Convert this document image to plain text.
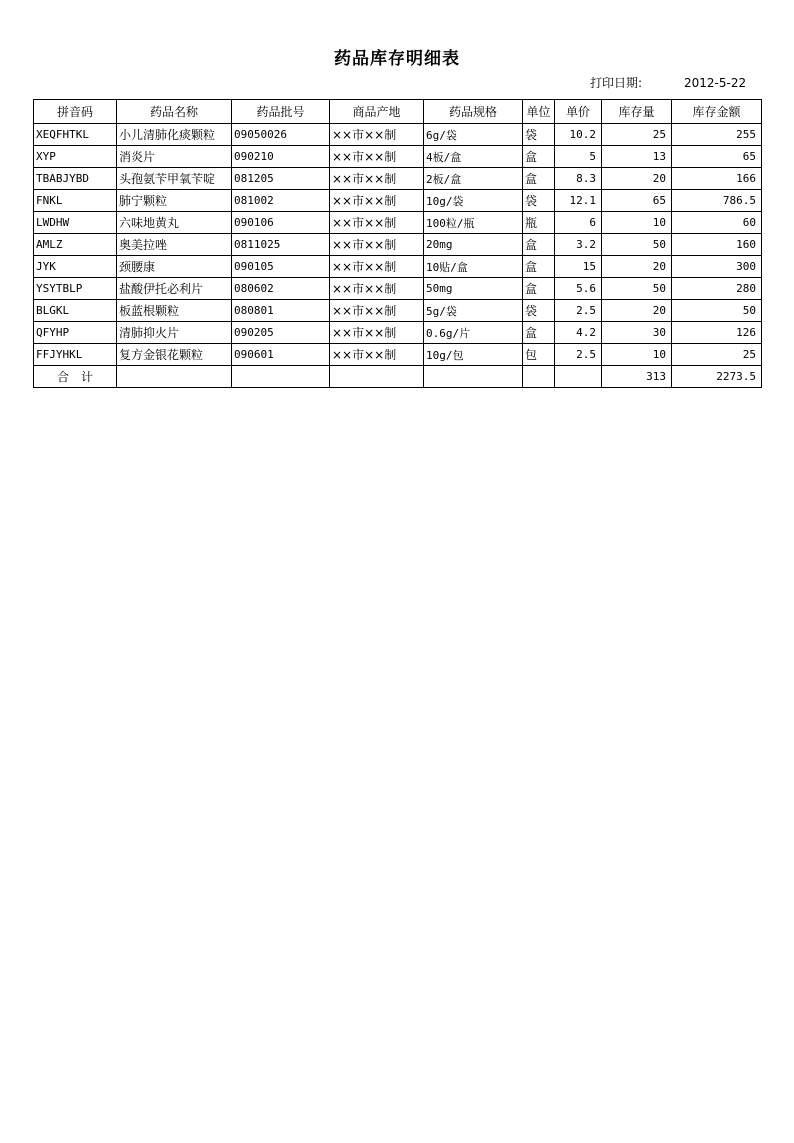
药品库存明细表
打印日期:	2012-5-22
拼音码	药品名称	药品批号	商品产地	药品规格	单位	单价	库存量	库存金额
XEQFHTKL	小儿清肺化痰颗粒	09050026	××市××制	6g/袋	袋	10.2	25	255
XYP	消炎片	090210	××市××制	4板/盒	盒	5	13	65
TBABJYBD	头孢氨苄甲氧苄啶	081205	××市××制	2板/盒	盒	8.3	20	166
FNKL	肺宁颗粒	081002	××市××制	10g/袋	袋	12.1	65	786.5
LWDHW	六味地黄丸	090106	××市××制	100粒/瓶	瓶	6	10	60
AMLZ	奥美拉唑	0811025	××市××制	20mg	盒	3.2	50	160
JYK	颈腰康	090105	××市××制	10贴/盒	盒	15	20	300
YSYTBLP	盐酸伊托必利片	080602	××市××制	50mg	盒	5.6	50	280
BLGKL	板蓝根颗粒	080801	××市××制	5g/袋	袋	2.5	20	50
QFYHP	清肺抑火片	090205	××市××制	0.6g/片	盒	4.2	30	126
FFJYHKL	复方金银花颗粒	090601	××市××制	10g/包	包	2.5	10	25
合　计							313	2273.5
